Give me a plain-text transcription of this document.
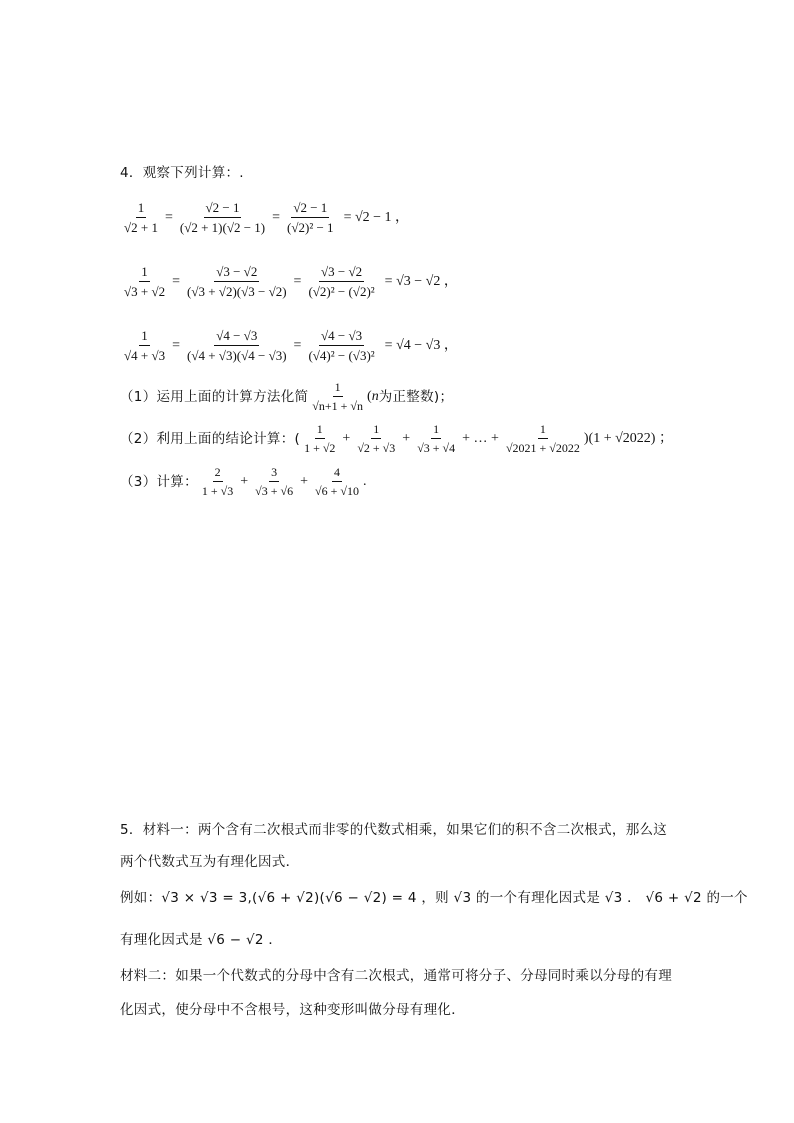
4．观察下列计算：.
$\frac{1}{√2 + 1} = \frac{√2 - 1}{(√2 + 1)(√2 - 1)} = \frac{√2 - 1}{\text{(√2)² − 1}} = √2 - 1$ ，
$\frac{1}{√3 + √2} = \frac{√3 - √2}{(√3 + √2)(√3 - √2)} = \frac{√3 - √2}{\text{(√2)² − (√2)²}} = √3 - √2$ ，
$\frac{1}{√4 + √3} = \frac{√4 - √3}{(√4 + √3)(√4 - √3)} = \frac{√4 - √3}{\text{(√4)² − (√3)²}} = √4 - √3$ ，
（1）运用上面的计算方法化简 $\frac{1}{√n+1 + √n}$ ( n 为正整数)；
（2）利用上面的结论计算：( $\frac{1}{1 + √2} + \frac{1}{√2 + √3} + \frac{1}{√3 + √4}$ + … + $\frac{1}{√2021 + √2022} )(1 + √2022)$ ；
（3）计算： $\frac{2}{1 + √3} + \frac{3}{√3 + √6} + \frac{4}{√6 + √10}$ .
5．材料一：两个含有二次根式而非零的代数式相乘，如果它们的积不含二次根式，那么这
两个代数式互为有理化因式．
例如：√3 × √3 = 3,(√6 + √2)(√6 − √2) = 4 ，则 √3 的一个有理化因式是 √3 ． √6 + √2 的一个
有理化因式是 √6 − √2 ．
材料二：如果一个代数式的分母中含有二次根式，通常可将分子、分母同时乘以分母的有理
化因式，使分母中不含根号，这种变形叫做分母有理化．
